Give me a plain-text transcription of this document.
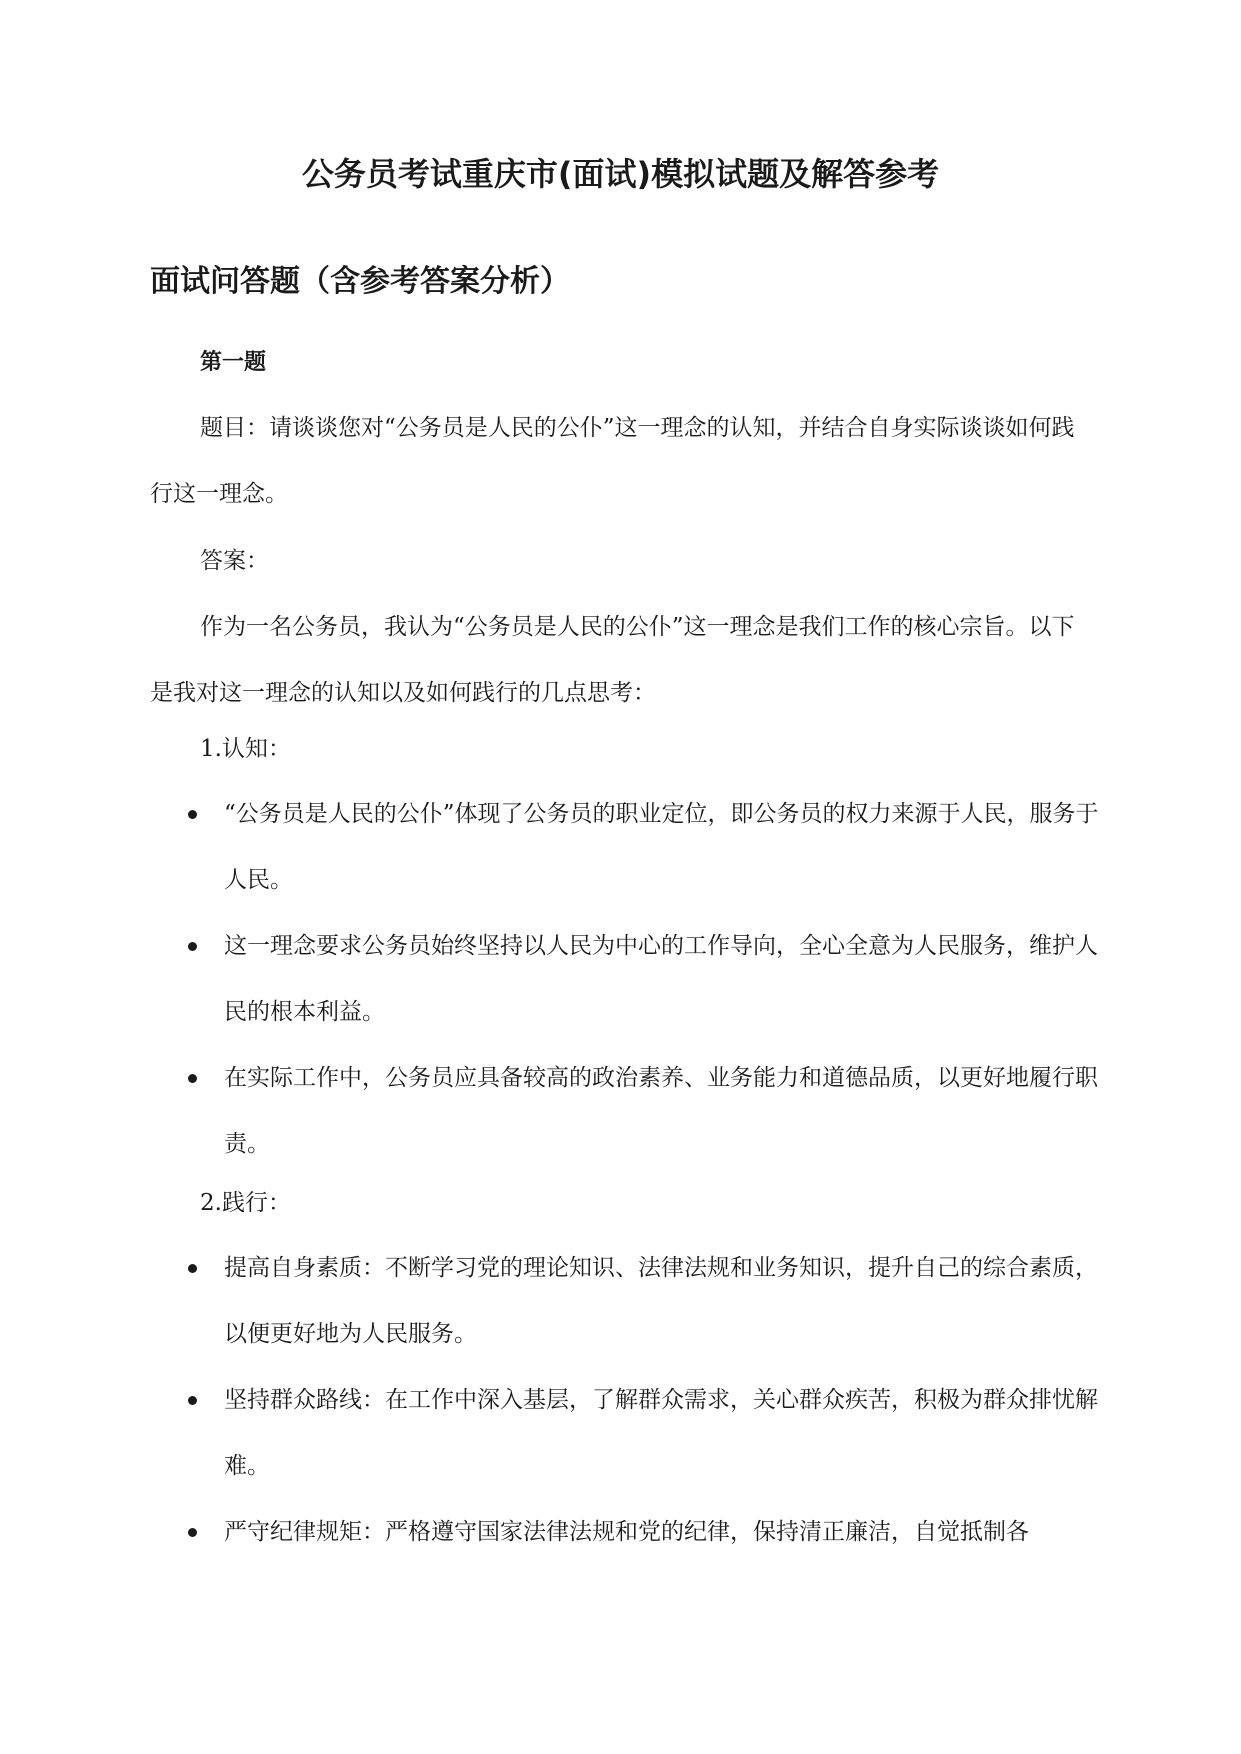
公务员考试重庆市(面试)模拟试题及解答参考
面试问答题（含参考答案分析）
第一题

题目：请谈谈您对“公务员是人民的公仆”这一理念的认知，并结合自身实际谈谈如何践行这一理念。

答案：

作为一名公务员，我认为“公务员是人民的公仆”这一理念是我们工作的核心宗旨。以下是我对这一理念的认知以及如何践行的几点思考：

1.认知：
“公务员是人民的公仆”体现了公务员的职业定位，即公务员的权力来源于人民，服务于人民。
这一理念要求公务员始终坚持以人民为中心的工作导向，全心全意为人民服务，维护人民的根本利益。
在实际工作中，公务员应具备较高的政治素养、业务能力和道德品质，以更好地履行职责。
2.践行：
提高自身素质：不断学习党的理论知识、法律法规和业务知识，提升自己的综合素质，以便更好地为人民服务。
坚持群众路线：在工作中深入基层，了解群众需求，关心群众疾苦，积极为群众排忧解难。
严守纪律规矩：严格遵守国家法律法规和党的纪律，保持清正廉洁，自觉抵制各
